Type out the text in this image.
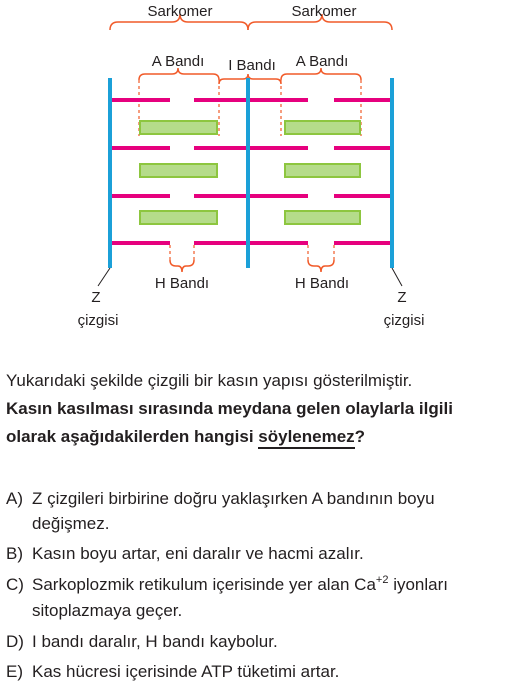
Sarkomer	Sarkomer
A Bandı I Bandı A Bandı
H Bandı	H Bandı
Z
çizgisi
Z
çizgisi
Yukarıdaki şekilde çizgili bir kasın yapısı gösterilmiştir.
Kasın kasılması sırasında meydana gelen olaylarla ilgili
olarak aşağıdakilerden hangisi söylenemez?
A) Z çizgileri birbirine doğru yaklaşırken A bandının boyu
değişmez.
B) Kasın boyu artar, eni daralır ve hacmi azalır.
C) Sarkoplozmik retikulum içerisinde yer alan $Ca^{+2}$ iyonları
sitoplazmaya geçer.
D) I bandı daralır, H bandı kaybolur.
E) Kas hücresi içerisinde ATP tüketimi artar.
